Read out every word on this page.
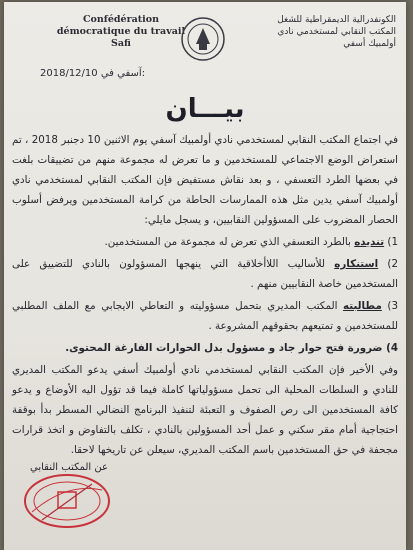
Confédération
démocratique du travail
Safi
الكونفدرالية الديمقراطية للشغل
المكتب النقابي لمستخدمي نادي
أولمبيك أسفي
2018/12/10 آسفي في:
بيـــان

في اجتماع المكتب النقابي لمستخدمي نادي أولمبيك آسفي يوم الاثنين 10 دجنبر 2018 ، تم استعراض الوضع الاجتماعي للمستخدمين و ما تعرض له مجموعة منهم من تضييقات بلغت في بعضها الطرد التعسفي ، و بعد نقاش مستفيض فإن المكتب النقابي لمستخدمي نادي أولمبيك آسفي يدين مثل هذه الممارسات الحاطة من كرامة المستخدمين ويرفض أسلوب الحصار المضروب على المسؤولين النقابيين، و يسجل مايلي:

1) تنديده بالطرد التعسفي الذي تعرض له مجموعة من المستخدمين.

2) استنكاره للأساليب اللاأخلاقية التي ينهجها المسؤولون بالنادي للتضييق على المستخدمين خاصة النقابيين منهم .

3) مطالبته المكتب المديري بتحمل مسؤوليته و التعاطي الايجابي مع الملف المطلبي للمستخدمين و تمتيعهم بحقوقهم المشروعة .

4) ضرورة فتح حوار جاد و مسؤول بدل الحوارات الفارغة المحتوى.

وفي الأخير فإن المكتب النقابي لمستخدمي نادي أولمبيك أسفي يدعو المكتب المديري للنادي و السلطات المحلية الى تحمل مسؤولياتها كاملة فيما قد تؤول اليه الأوضاع و يدعو كافة المستخدمين الى رص الصفوف و التعبئة لتنفيذ البرنامج النضالي المسطر بدأ بوقفة احتجاجية أمام مقر سكني و عمل أحد المسؤولين بالنادي ، تكلف بالتفاوض و اتخذ قرارات مجحفة في حق المستخدمين باسم المكتب المديري، سيعلن عن تاريخها لاحقا.

عن المكتب النقابي
